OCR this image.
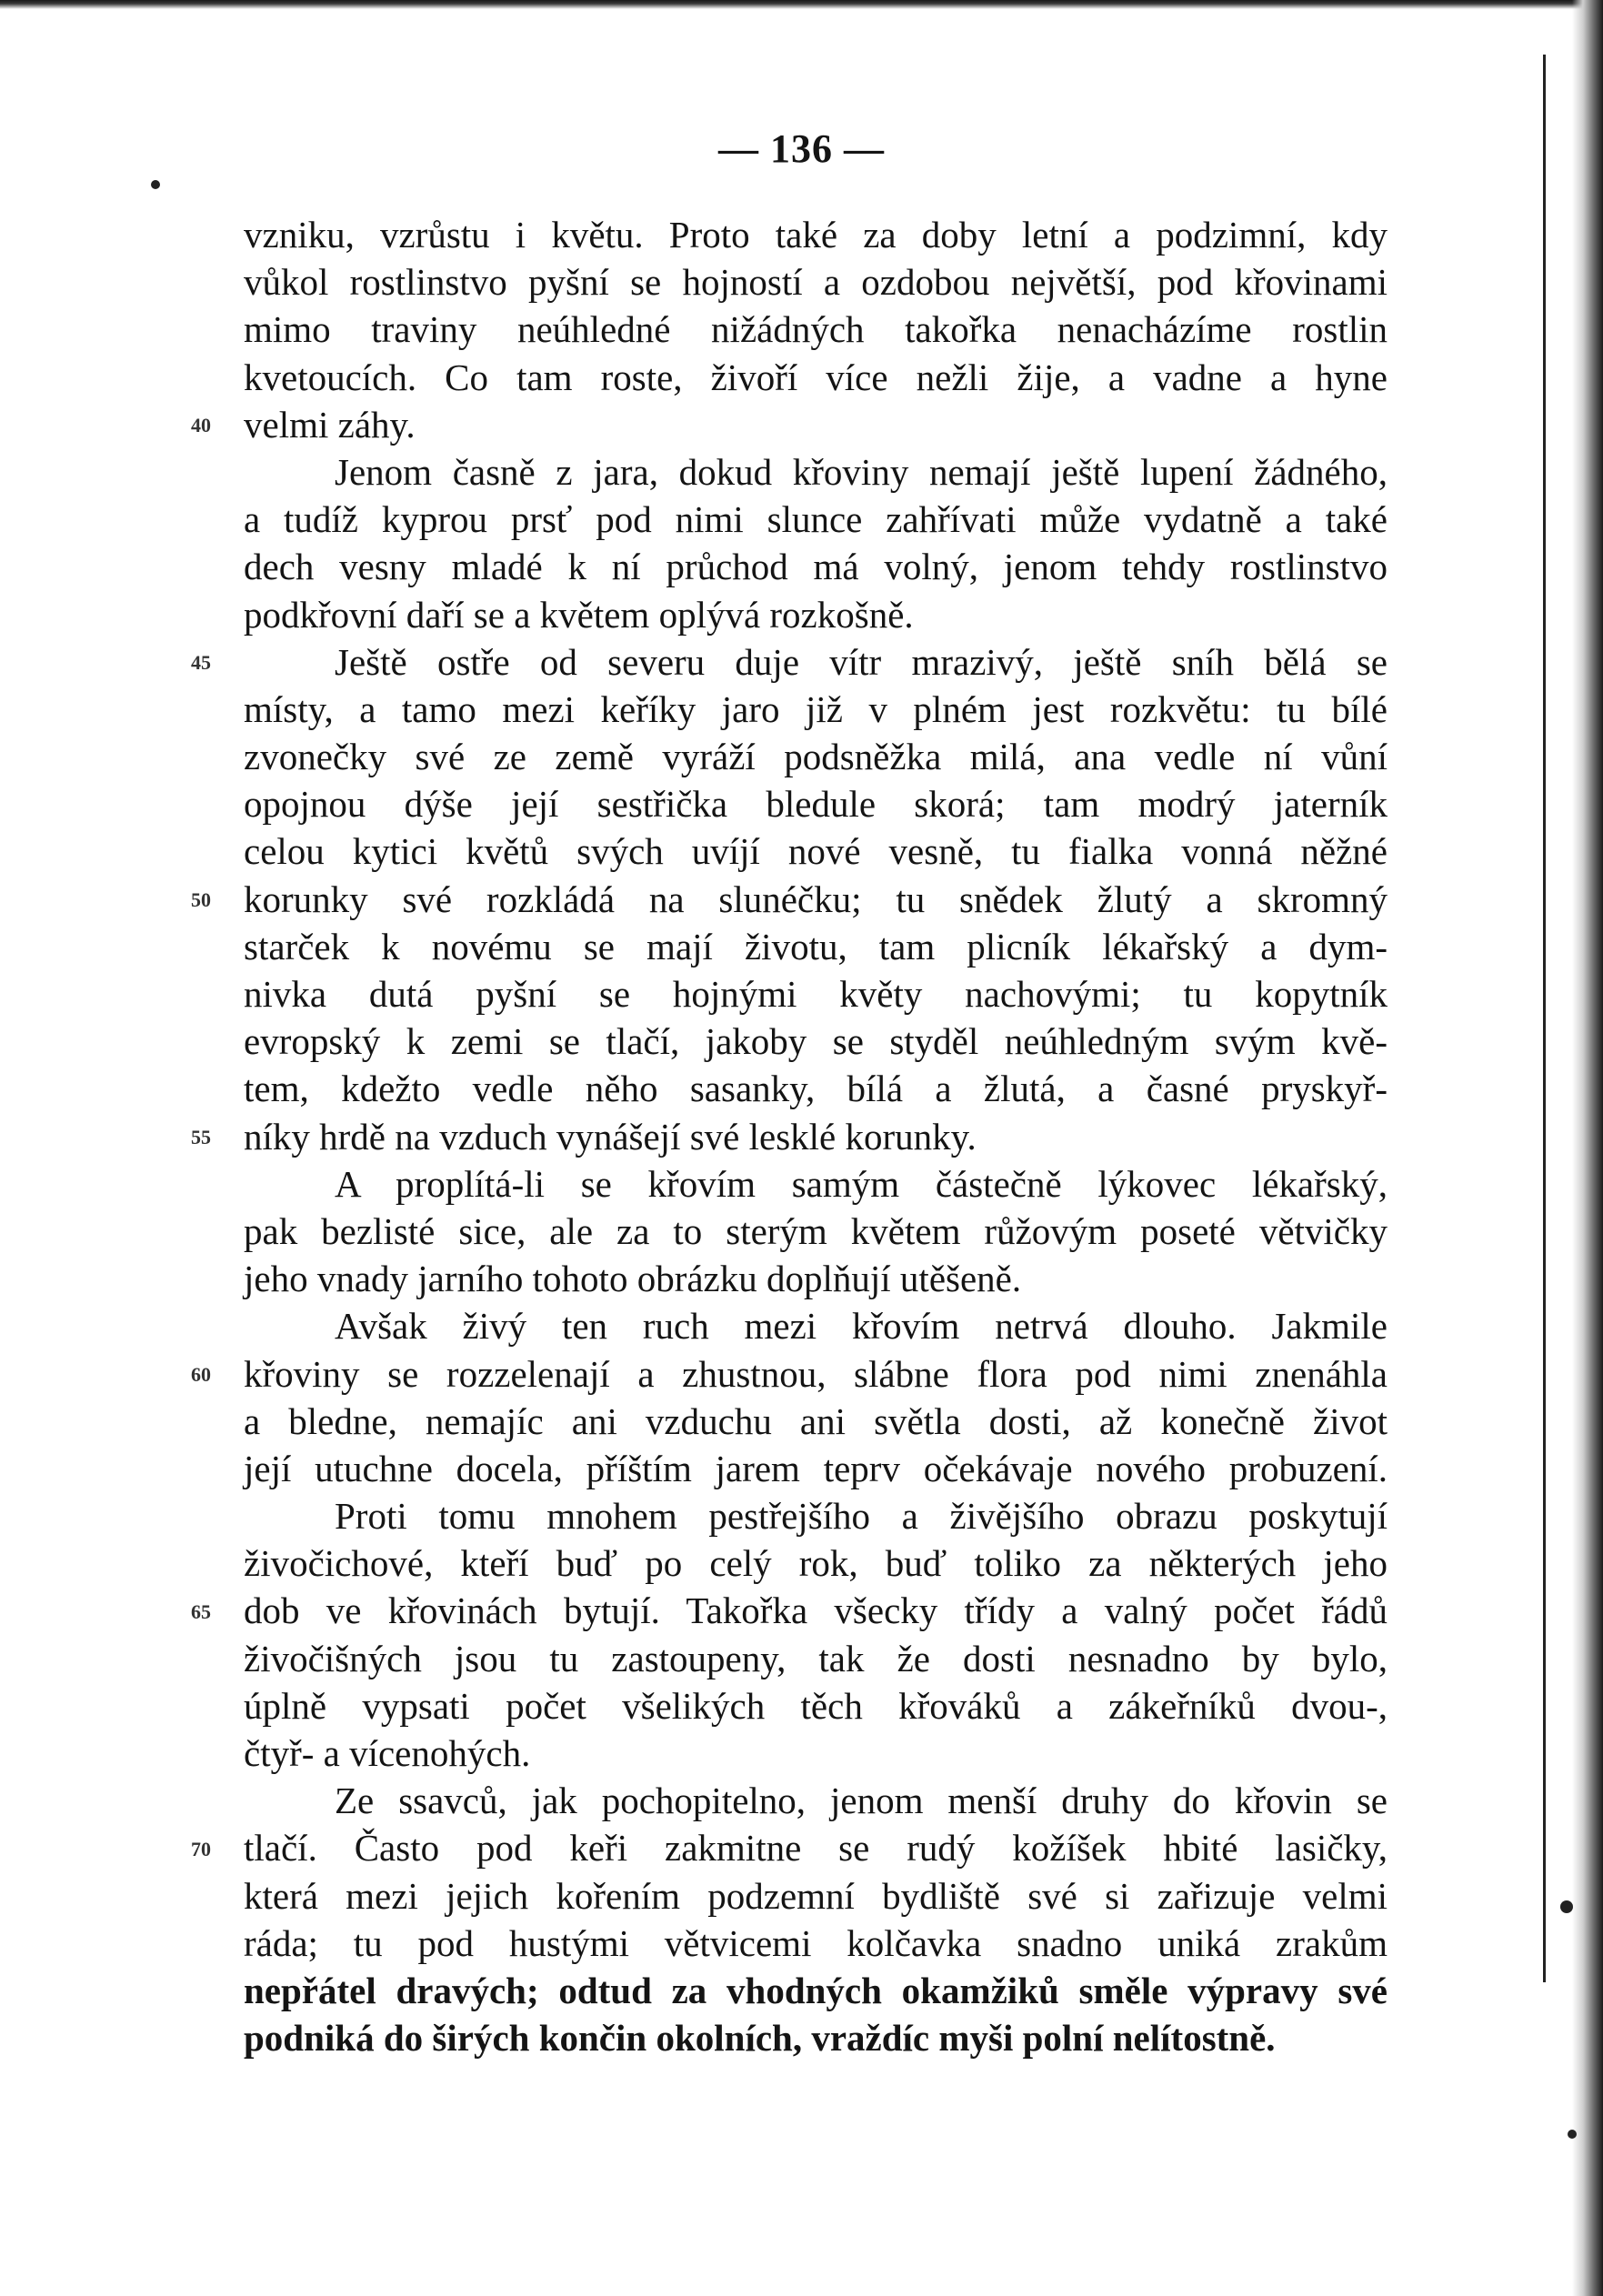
— 136 —
40
45
50
55
60
65
70
vzniku, vzrůstu i květu. Proto také za doby letní a podzimní, kdy
vůkol rostlinstvo pyšní se hojností a ozdobou největší, pod křovinami
mimo traviny neúhledné nižádných takořka nenacházíme rostlin
kvetoucích. Co tam roste, živoří více nežli žije, a vadne a hyne
velmi záhy.
Jenom časně z jara, dokud křoviny nemají ještě lupení žádného,
a tudíž kyprou prsť pod nimi slunce zahřívati může vydatně a také
dech vesny mladé k ní průchod má volný, jenom tehdy rostlinstvo
podkřovní daří se a květem oplývá rozkošně.
Ještě ostře od severu duje vítr mrazivý, ještě sníh bělá se
místy, a tamo mezi keříky jaro již v plném jest rozkvětu: tu bílé
zvonečky své ze země vyráží podsněžka milá, ana vedle ní vůní
opojnou dýše její sestřička bledule skorá; tam modrý jaterník
celou kytici květů svých uvíjí nové vesně, tu fialka vonná něžné
korunky své rozkládá na slunéčku; tu snědek žlutý a skromný
starček k novému se mají životu, tam plicník lékařský a dym-
nivka dutá pyšní se hojnými květy nachovými; tu kopytník
evropský k zemi se tlačí, jakoby se styděl neúhledným svým kvě-
tem, kdežto vedle něho sasanky, bílá a žlutá, a časné pryskyř-
níky hrdě na vzduch vynášejí své lesklé korunky.
A proplítá-li se křovím samým částečně lýkovec lékařský,
pak bezlisté sice, ale za to sterým květem růžovým poseté větvičky
jeho vnady jarního tohoto obrázku doplňují utěšeně.
Avšak živý ten ruch mezi křovím netrvá dlouho. Jakmile
křoviny se rozzelenají a zhustnou, slábne flora pod nimi znenáhla
a bledne, nemajíc ani vzduchu ani světla dosti, až konečně život
její utuchne docela, příštím jarem teprv očekávaje nového probuzení.
Proti tomu mnohem pestřejšího a živějšího obrazu poskytují
živočichové, kteří buď po celý rok, buď toliko za některých jeho
dob ve křovinách bytují. Takořka všecky třídy a valný počet řádů
živočišných jsou tu zastoupeny, tak že dosti nesnadno by bylo,
úplně vypsati počet všelikých těch křováků a zákeřníků dvou-,
čtyř- a vícenohých.
Ze ssavců, jak pochopitelno, jenom menší druhy do křovin se
tlačí. Často pod keři zakmitne se rudý kožíšek hbité lasičky,
která mezi jejich kořením podzemní bydliště své si zařizuje velmi
ráda; tu pod hustými větvicemi kolčavka snadno uniká zrakům
nepřátel dravých; odtud za vhodných okamžiků směle výpravy své
podniká do širých končin okolních, vraždíc myši polní nelítostně.
